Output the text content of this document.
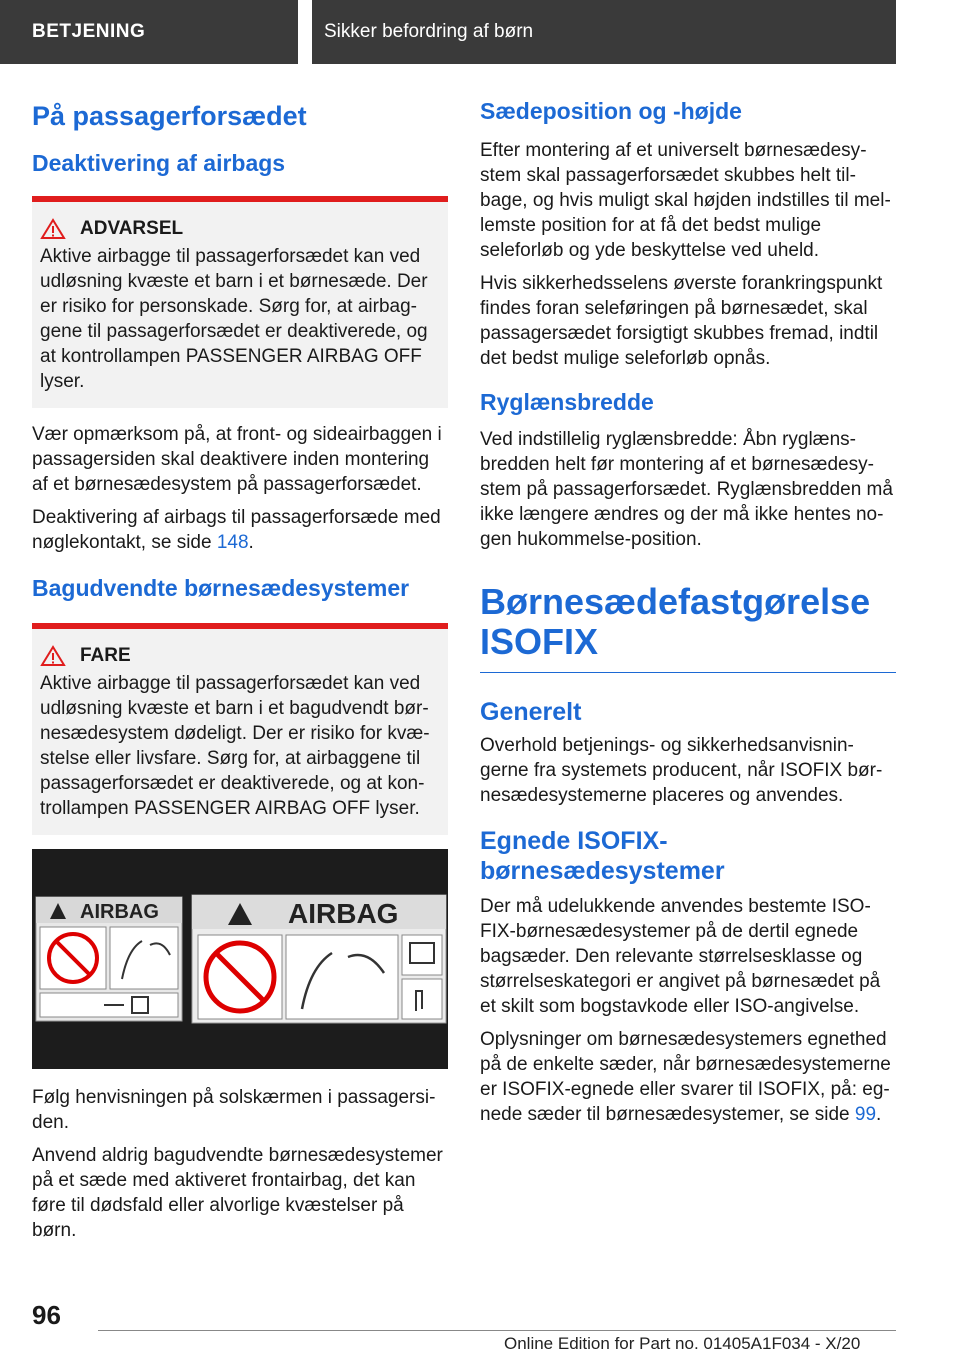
BETJENING	Sikker befordring af børn
På passagerforsædet
Deaktivering af airbags
ADVARSEL

Aktive airbagge til passagerforsædet kan ved udløsning kvæste et barn i et børnesæde. Der er risiko for personskade. Sørg for, at airbaggene til passagerforsædet er deaktiverede, og at kontrollampen PASSENGER AIRBAG OFF lyser.

Vær opmærksom på, at front- og sideairbaggen i passagersiden skal deaktivere inden montering af et børnesædesystem på passagerforsædet.

Deaktivering af airbags til passagerforsæde med nøglekontakt, se side 148.

Bagudvendte børnesædesystemer
FARE

Aktive airbagge til passagerforsædet kan ved udløsning kvæste et barn i et bagudvendt børnesædesystem dødeligt. Der er risiko for kvæstelse eller livsfare. Sørg for, at airbaggene til passagerforsædet er deaktiverede, og at kontrollampen PASSENGER AIRBAG OFF lyser.

AIRBAG	AIRBAG

Følg henvisningen på solskærmen i passagersiden.

Anvend aldrig bagudvendte børnesædesystemer på et sæde med aktiveret frontairbag, det kan føre til dødsfald eller alvorlige kvæstelser på børn.

Sædeposition og -højde

Efter montering af et universelt børnesædesystem skal passagerforsædet skubbes helt tilbage, og hvis muligt skal højden indstilles til mellemste position for at få det bedst mulige seleforløb og yde beskyttelse ved uheld.

Hvis sikkerhedsselens øverste forankringspunkt findes foran seleføringen på børnesædet, skal passagersædet forsigtigt skubbes fremad, indtil det bedst mulige seleforløb opnås.

Ryglænsbredde

Ved indstillelig ryglænsbredde: Åbn ryglænsbredden helt før montering af et børnesædesystem på passagerforsædet. Ryglænsbredden må ikke længere ændres og der må ikke hentes nogen hukommelse-position.

Børnesædefastgørelse ISOFIX
Generelt

Overhold betjenings- og sikkerhedsanvisningerne fra systemets producent, når ISOFIX børnesædesystemerne placeres og anvendes.

Egnede ISOFIX-børnesædesystemer

Der må udelukkende anvendes bestemte ISOFIX-børnesædesystemer på de dertil egnede bagsæder. Den relevante størrelsesklasse og størrelseskategori er angivet på børnesædet på et skilt som bogstavkode eller ISO-angivelse.

Oplysninger om børnesædesystemers egnethed på de enkelte sæder, når børnesædesystemerne er ISOFIX-egnede eller svarer til ISOFIX, på: egnede sæder til børnesædesystemer, se side 99.

96
Online Edition for Part no. 01405A1F034 - X/20
